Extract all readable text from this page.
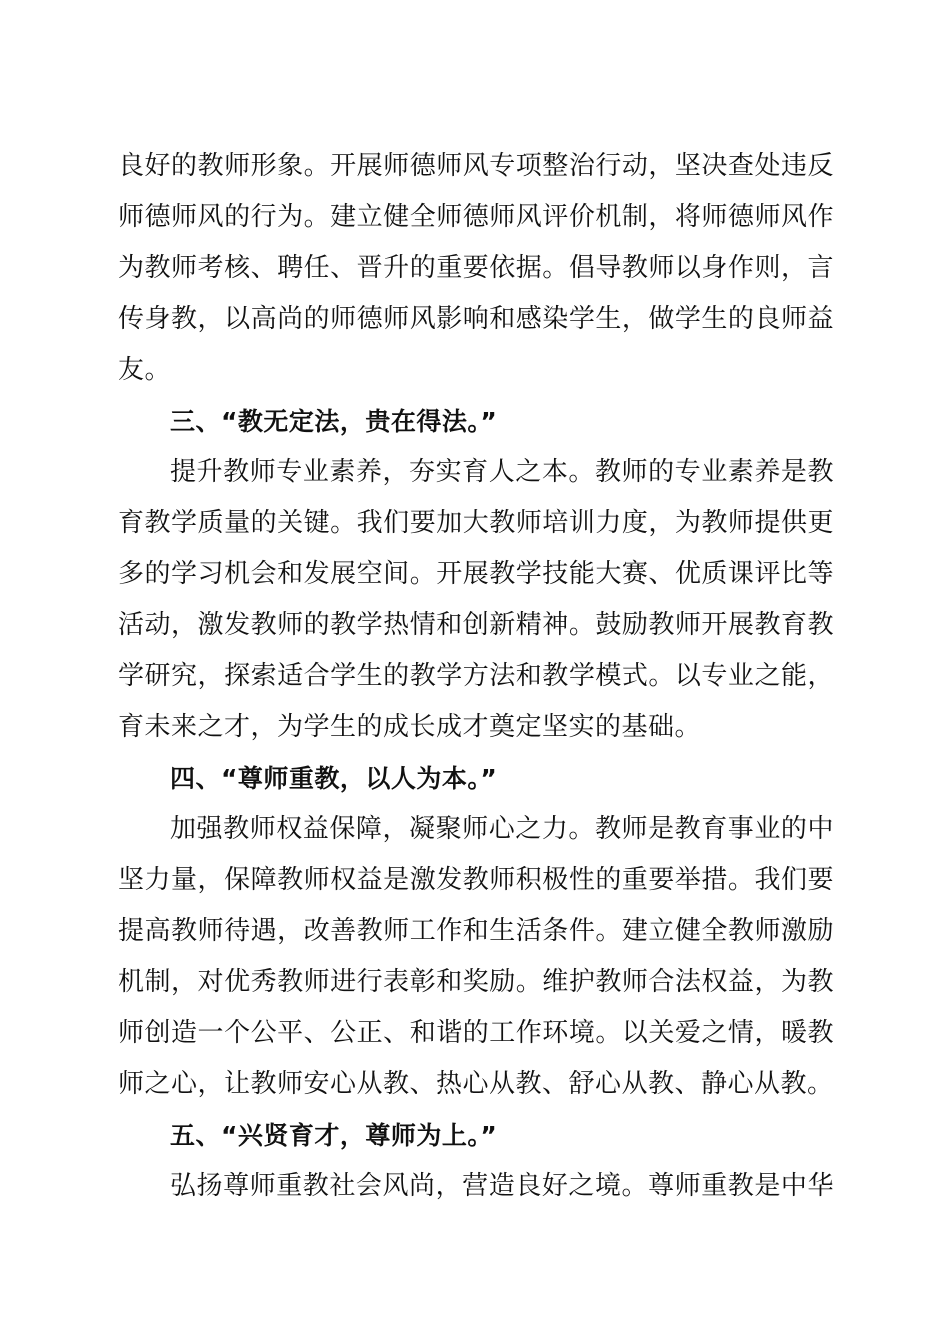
良好的教师形象。开展师德师风专项整治行动，坚决查处违反
师德师风的行为。建立健全师德师风评价机制，将师德师风作
为教师考核、聘任、晋升的重要依据。倡导教师以身作则，言
传身教，以高尚的师德师风影响和感染学生，做学生的良师益
友。
三、“教无定法，贵在得法。”
提升教师专业素养，夯实育人之本。教师的专业素养是教
育教学质量的关键。我们要加大教师培训力度，为教师提供更
多的学习机会和发展空间。开展教学技能大赛、优质课评比等
活动，激发教师的教学热情和创新精神。鼓励教师开展教育教
学研究，探索适合学生的教学方法和教学模式。以专业之能，
育未来之才，为学生的成长成才奠定坚实的基础。
四、“尊师重教，以人为本。”
加强教师权益保障，凝聚师心之力。教师是教育事业的中
坚力量，保障教师权益是激发教师积极性的重要举措。我们要
提高教师待遇，改善教师工作和生活条件。建立健全教师激励
机制，对优秀教师进行表彰和奖励。维护教师合法权益，为教
师创造一个公平、公正、和谐的工作环境。以关爱之情，暖教
师之心，让教师安心从教、热心从教、舒心从教、静心从教。
五、“兴贤育才，尊师为上。”
弘扬尊师重教社会风尚，营造良好之境。尊师重教是中华
